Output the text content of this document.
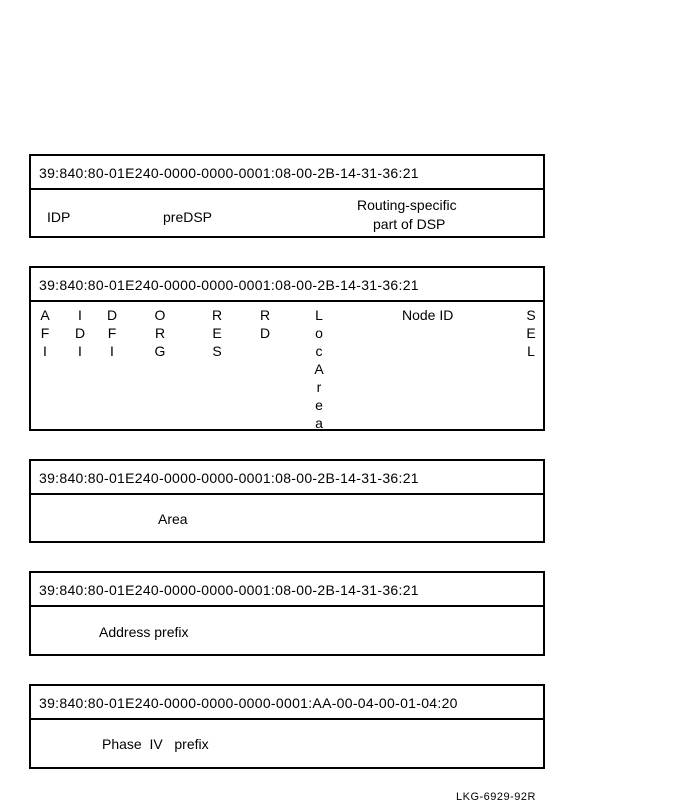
39:840:80-01E240-0000-0000-0001:08-00-2B-14-31-36:21
IDP	preDSP
Routing-specific
part of DSP
39:840:80-01E240-0000-0000-0001:08-00-2B-14-31-36:21
A
F
I
I
D
I
D
F
I
O
R
G
R
E
S
R
D
L
o
c
A
r
e
a
Node ID	S
E
L
39:840:80-01E240-0000-0000-0001:08-00-2B-14-31-36:21
Area
39:840:80-01E240-0000-0000-0001:08-00-2B-14-31-36:21
Address prefix
39:840:80-01E240-0000-0000-0000-0001:AA-00-04-00-01-04:20
Phase  IV   prefix
LKG-6929-92R
